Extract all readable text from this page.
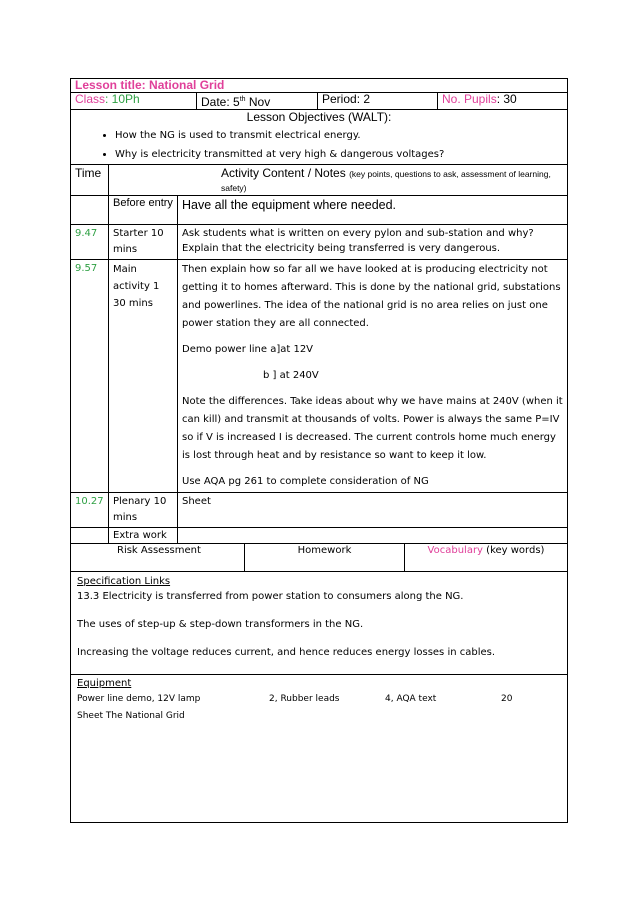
Lesson title: National Grid
Class: 10Ph	Date: 5th Nov	Period: 2	No. Pupils: 30
Lesson Objectives (WALT):
• How the NG is used to transmit electrical energy.
• Why is electricity transmitted at very high & dangerous voltages?
Time	Activity Content / Notes (key points, questions to ask, assessment of learning, safety)	
	Before entry	Have all the equipment where needed.
9.47	Starter 10 mins	Ask students what is written on every pylon and sub-station and why? Explain that the electricity being transferred is very dangerous.
9.57	Main activity 1 30 mins	Then explain how so far all we have looked at is producing electricity not getting it to homes afterward. This is done by the national grid, substations and powerlines. The idea of the national grid is no area relies on just one power station they are all connected.

Demo power line a]at 12V

b ] at 240V

Note the differences. Take ideas about why we have mains at 240V (when it can kill) and transmit at thousands of volts. Power is always the same P=IV so if V is increased I is decreased. The current controls home much energy is lost through heat and by resistance so want to keep it low.

Use AQA pg 261 to complete consideration of NG

10.27	Plenary 10 mins	Sheet
	Extra work	
Risk Assessment	Homework	Vocabulary (key words)
Specification Links
13.3 Electricity is transferred from power station to consumers along the NG.
The uses of step-up & step-down transformers in the NG.
Increasing the voltage reduces current, and hence reduces energy losses in cables.
Equipment
Power line demo, 12V lamp	2, Rubber leads	4, AQA text	20
Sheet The National Grid
